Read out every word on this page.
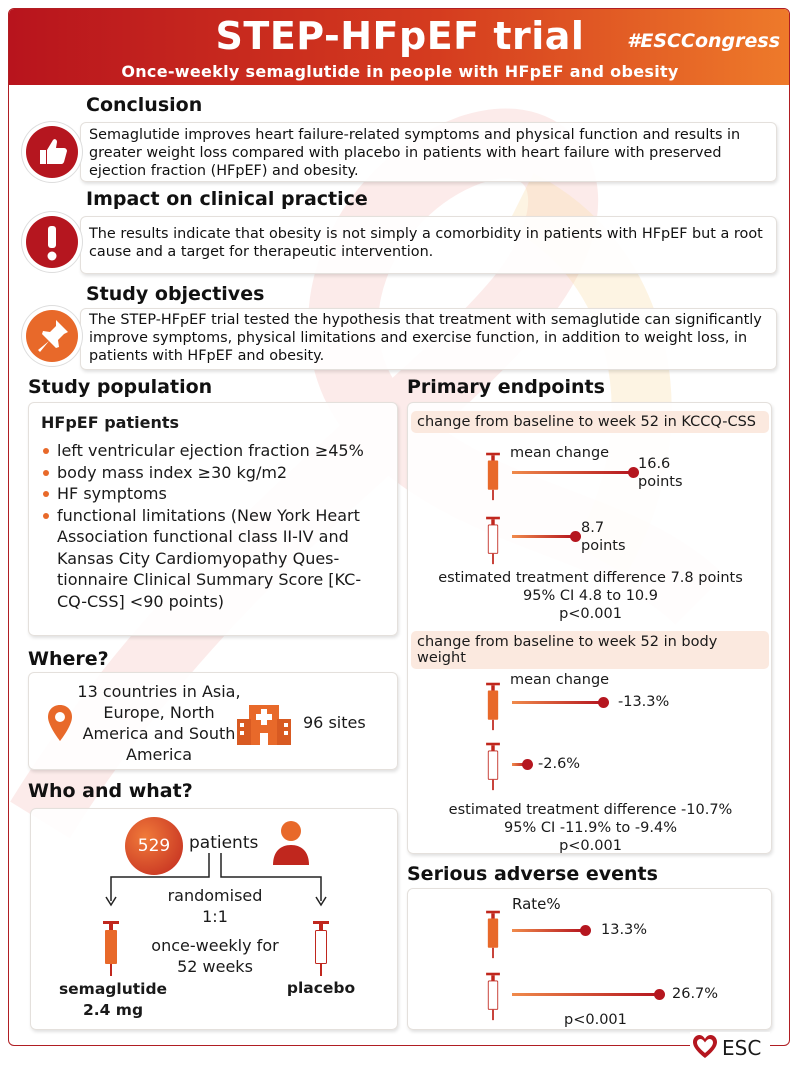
STEP-HFpEF trial	#ESCCongress
Once-weekly semaglutide in people with HFpEF and obesity
Conclusion
Semaglutide improves heart failure-related symptoms and physical function and results in greater weight loss compared with placebo in patients with heart failure with preserved ejection fraction (HFpEF) and obesity.
Impact on clinical practice
The results indicate that obesity is not simply a comorbidity in patients with HFpEF but a root cause and a target for therapeutic intervention.
Study objectives
The STEP-HFpEF trial tested the hypothesis that treatment with semaglutide can significantly improve symptoms, physical limitations and exercise function, in addition to weight loss, in patients with HFpEF and obesity.
Study population
HFpEF patients
left ventricular ejection fraction ≥45%
body mass index ≥30 kg/m2
HF symptoms
functional limitations (New York Heart Association functional class II-IV and Kansas City Cardiomyopathy Ques-tionnaire Clinical Summary Score [KC-CQ-CSS] <90 points)
Where?
13 countries in Asia, Europe, North America and South America
96 sites
Who and what?
529	patients
randomised 1:1
once-weekly for 52 weeks
semaglutide 2.4 mg
placebo
Primary endpoints
change from baseline to week 52 in KCCQ-CSS
mean change
16.6 points
8.7 points
estimated treatment difference 7.8 points
95% CI 4.8 to 10.9
p<0.001
change from baseline to week 52 in body weight
mean change
-13.3%
-2.6%
estimated treatment difference -10.7%
95% CI -11.9% to -9.4%
p<0.001
Serious adverse events
Rate%
13.3%
26.7%
p<0.001
ESC
